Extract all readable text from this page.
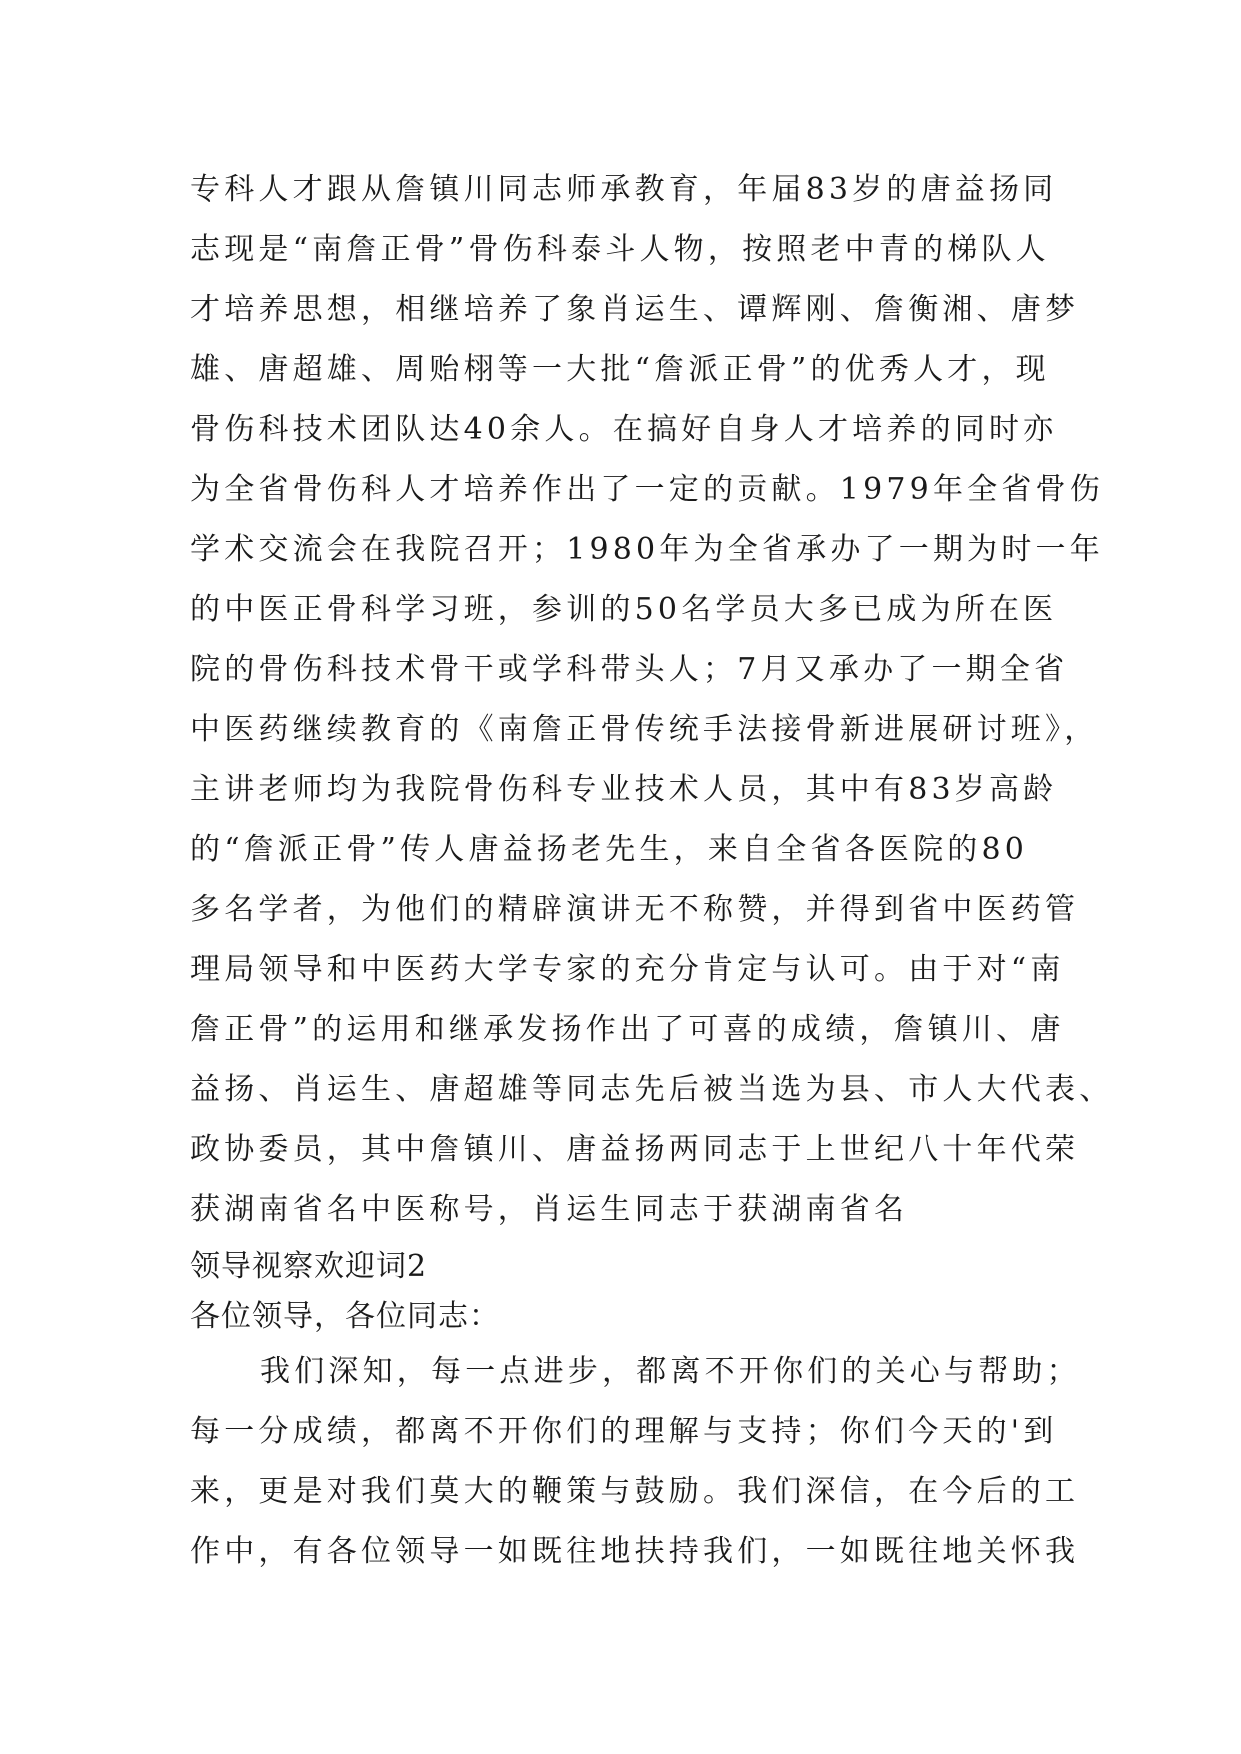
专科人才跟从詹镇川同志师承教育，年届83岁的唐益扬同
志现是“南詹正骨”骨伤科泰斗人物，按照老中青的梯队人
才培养思想，相继培养了象肖运生、谭辉刚、詹衡湘、唐梦
雄、唐超雄、周贻栩等一大批“詹派正骨”的优秀人才，现
骨伤科技术团队达40余人。在搞好自身人才培养的同时亦
为全省骨伤科人才培养作出了一定的贡献。1979年全省骨伤
学术交流会在我院召开；1980年为全省承办了一期为时一年
的中医正骨科学习班，参训的50名学员大多已成为所在医
院的骨伤科技术骨干或学科带头人；7月又承办了一期全省
中医药继续教育的《南詹正骨传统手法接骨新进展研讨班》，
主讲老师均为我院骨伤科专业技术人员，其中有83岁高龄
的“詹派正骨”传人唐益扬老先生，来自全省各医院的80
多名学者，为他们的精辟演讲无不称赞，并得到省中医药管
理局领导和中医药大学专家的充分肯定与认可。由于对“南
詹正骨”的运用和继承发扬作出了可喜的成绩，詹镇川、唐
益扬、肖运生、唐超雄等同志先后被当选为县、市人大代表、
政协委员，其中詹镇川、唐益扬两同志于上世纪八十年代荣
获湖南省名中医称号，肖运生同志于获湖南省名
领导视察欢迎词2
各位领导，各位同志：
我们深知，每一点进步，都离不开你们的关心与帮助；
每一分成绩，都离不开你们的理解与支持；你们今天的'到
来，更是对我们莫大的鞭策与鼓励。我们深信，在今后的工
作中，有各位领导一如既往地扶持我们，一如既往地关怀我
